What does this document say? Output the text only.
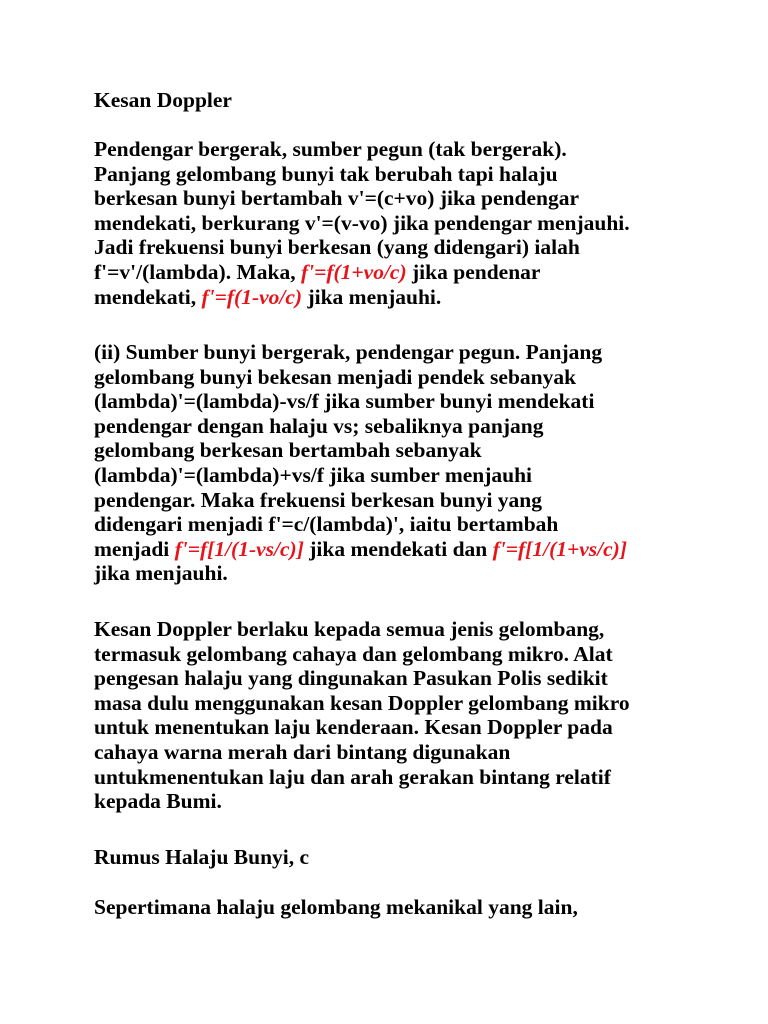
Kesan Doppler
Pendengar bergerak, sumber pegun (tak bergerak).
Panjang gelombang bunyi tak berubah tapi halaju
berkesan bunyi bertambah v'=(c+vo) jika pendengar
mendekati, berkurang v'=(v-vo) jika pendengar menjauhi.
Jadi frekuensi bunyi berkesan (yang didengari) ialah
f'=v'/(lambda). Maka, f'=f(1+vo/c) jika pendenar
mendekati, f'=f(1-vo/c) jika menjauhi.
(ii) Sumber bunyi bergerak, pendengar pegun. Panjang
gelombang bunyi bekesan menjadi pendek sebanyak
(lambda)'=(lambda)-vs/f jika sumber bunyi mendekati
pendengar dengan halaju vs; sebaliknya panjang
gelombang berkesan bertambah sebanyak
(lambda)'=(lambda)+vs/f jika sumber menjauhi
pendengar. Maka frekuensi berkesan bunyi yang
didengari menjadi f'=c/(lambda)', iaitu bertambah
menjadi f'=f[1/(1-vs/c)] jika mendekati dan f'=f[1/(1+vs/c)]
jika menjauhi.
Kesan Doppler berlaku kepada semua jenis gelombang,
termasuk gelombang cahaya dan gelombang mikro. Alat
pengesan halaju yang dingunakan Pasukan Polis sedikit
masa dulu menggunakan kesan Doppler gelombang mikro
untuk menentukan laju kenderaan. Kesan Doppler pada
cahaya warna merah dari bintang digunakan
untukmenentukan laju dan arah gerakan bintang relatif
kepada Bumi.
Rumus Halaju Bunyi, c
Sepertimana halaju gelombang mekanikal yang lain,
